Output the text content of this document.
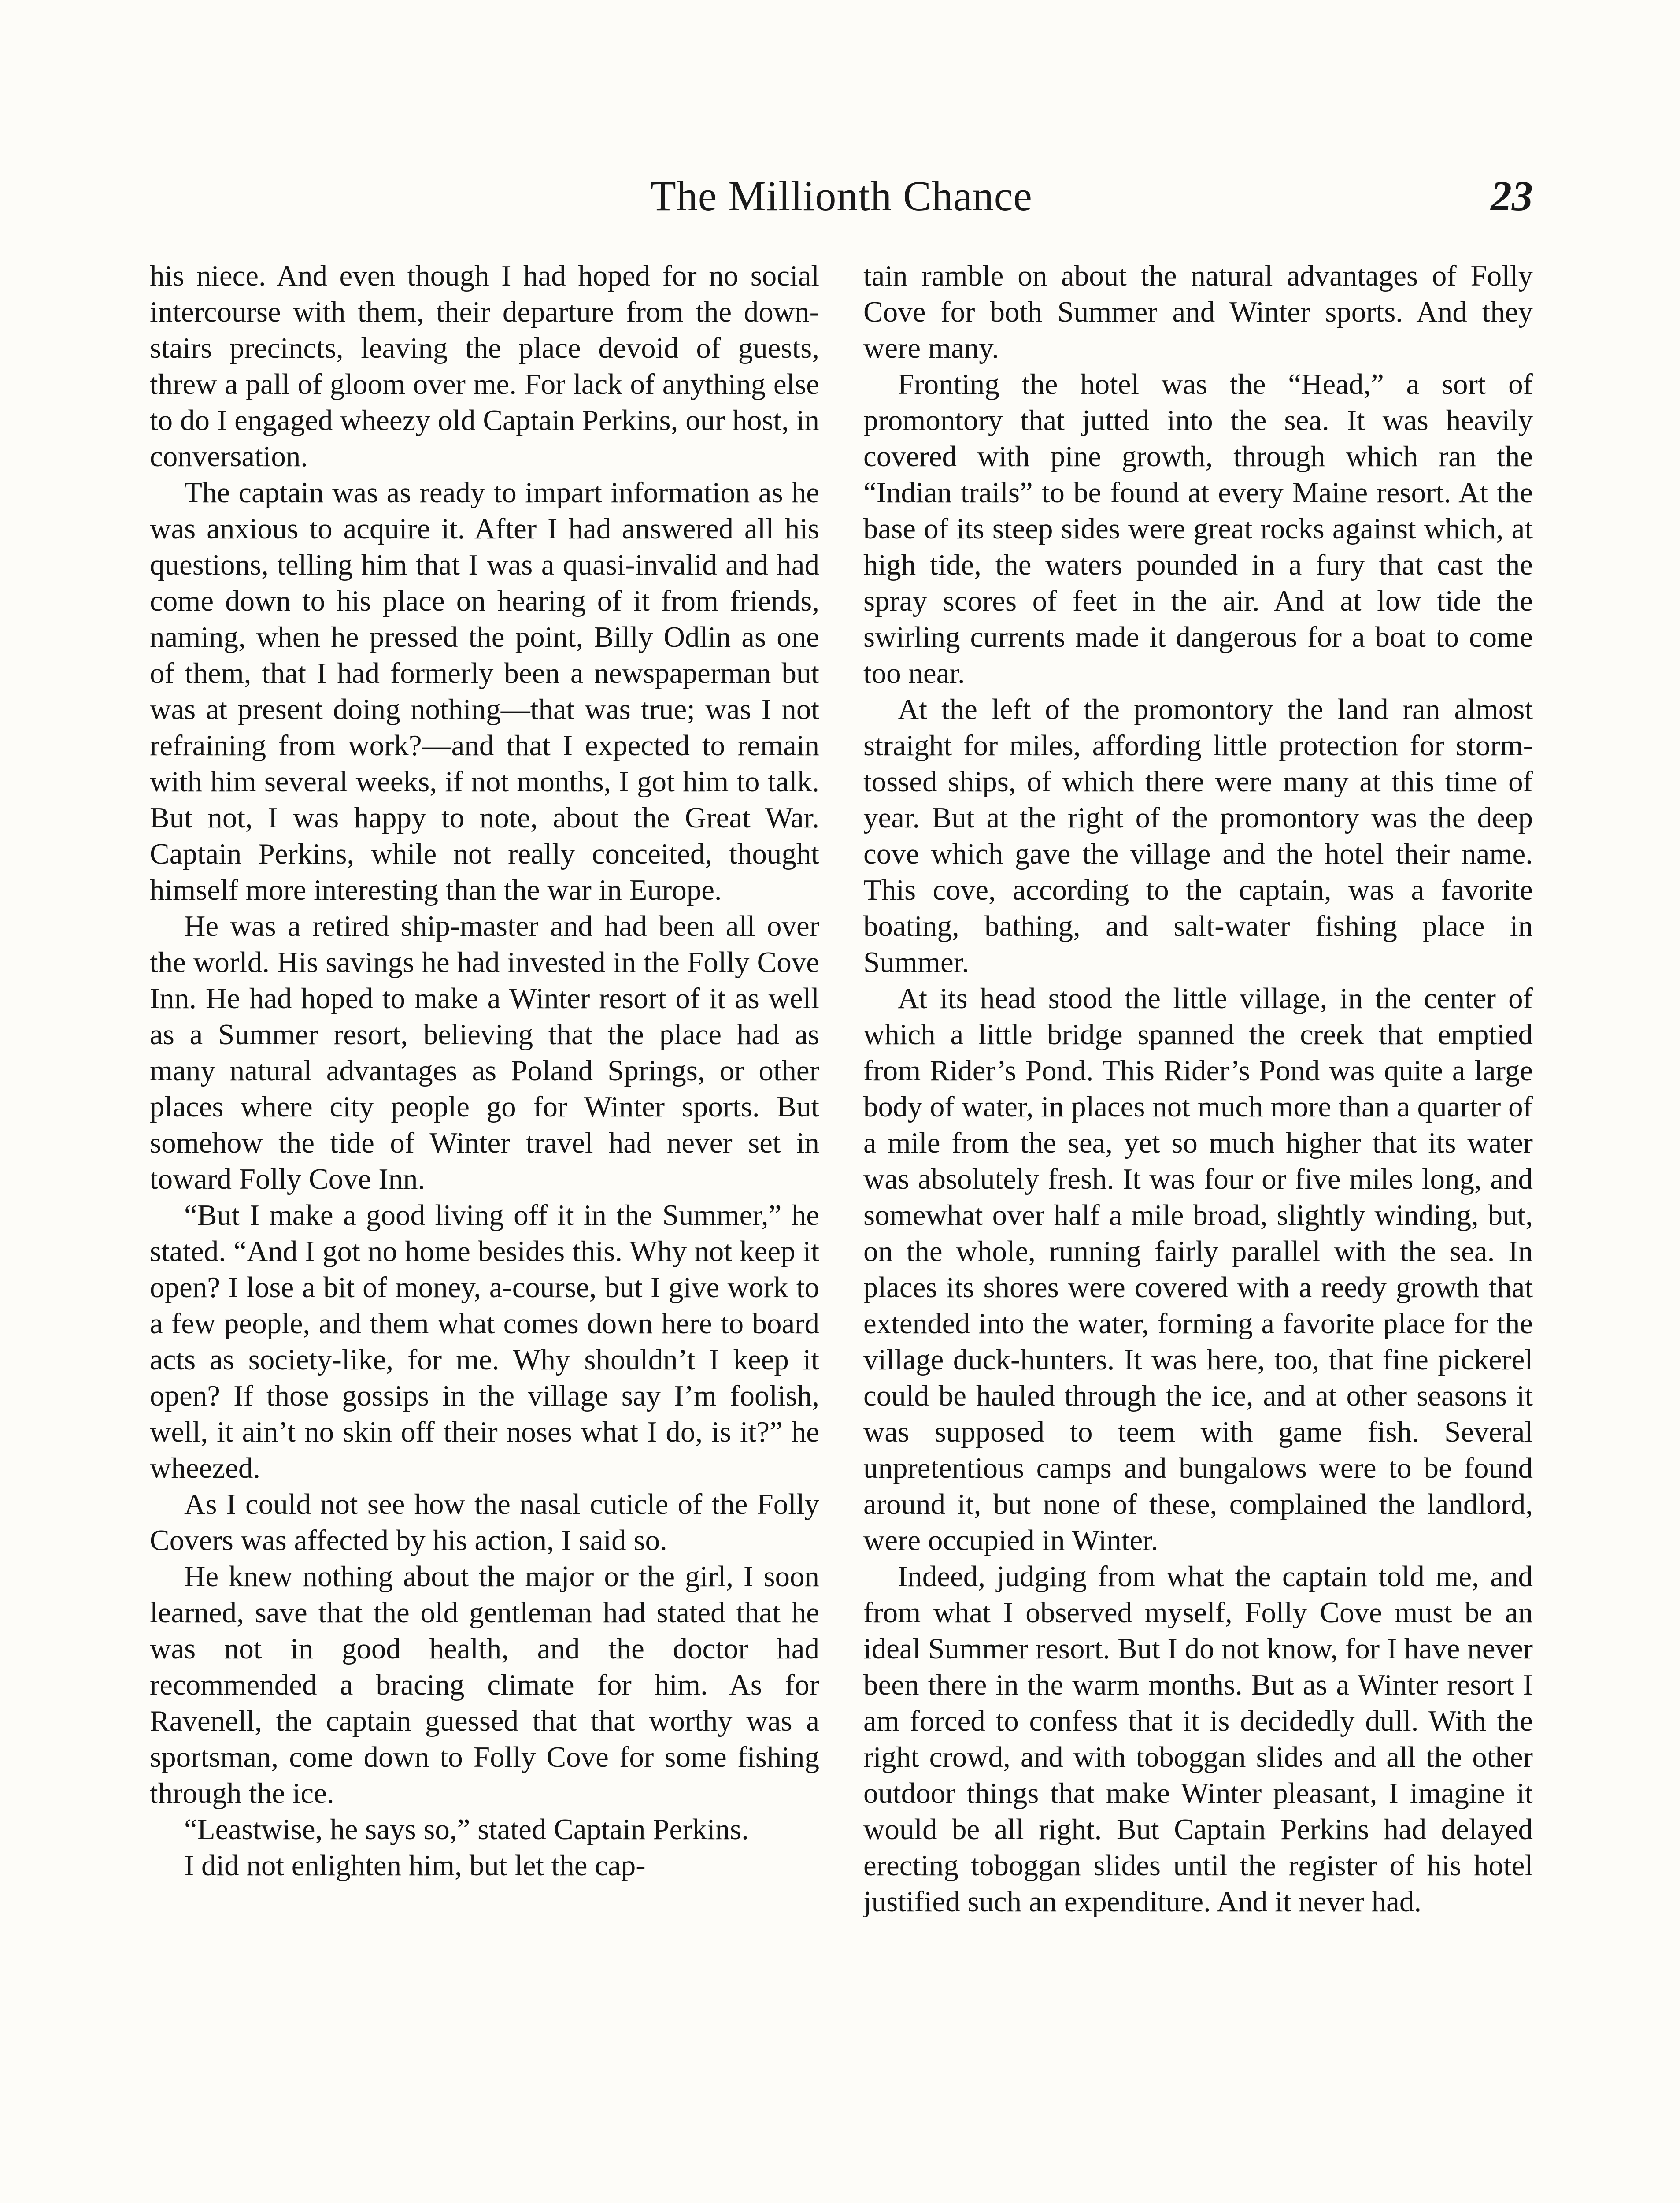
The Millionth Chance	23

his niece. And even though I had hoped for no social intercourse with them, their departure from the down-stairs precincts, leaving the place devoid of guests, threw a pall of gloom over me. For lack of anything else to do I engaged wheezy old Captain Perkins, our host, in conversation.

The captain was as ready to impart information as he was anxious to acquire it. After I had answered all his questions, telling him that I was a quasi-invalid and had come down to his place on hearing of it from friends, naming, when he pressed the point, Billy Odlin as one of them, that I had formerly been a newspaperman but was at present doing nothing—that was true; was I not refraining from work?—and that I expected to remain with him several weeks, if not months, I got him to talk. But not, I was happy to note, about the Great War. Captain Perkins, while not really conceited, thought himself more interesting than the war in Europe.

He was a retired ship-master and had been all over the world. His savings he had invested in the Folly Cove Inn. He had hoped to make a Winter resort of it as well as a Summer resort, believing that the place had as many natural advantages as Poland Springs, or other places where city people go for Winter sports. But somehow the tide of Winter travel had never set in toward Folly Cove Inn.

“But I make a good living off it in the Summer,” he stated. “And I got no home besides this. Why not keep it open? I lose a bit of money, a-course, but I give work to a few people, and them what comes down here to board acts as society-like, for me. Why shouldn’t I keep it open? If those gossips in the village say I’m foolish, well, it ain’t no skin off their noses what I do, is it?” he wheezed.

As I could not see how the nasal cuticle of the Folly Covers was affected by his action, I said so.

He knew nothing about the major or the girl, I soon learned, save that the old gentleman had stated that he was not in good health, and the doctor had recommended a bracing climate for him. As for Ravenell, the captain guessed that that worthy was a sportsman, come down to Folly Cove for some fishing through the ice.

“Leastwise, he says so,” stated Captain Perkins.

I did not enlighten him, but let the cap-

tain ramble on about the natural advantages of Folly Cove for both Summer and Winter sports. And they were many.

Fronting the hotel was the “Head,” a sort of promontory that jutted into the sea. It was heavily covered with pine growth, through which ran the “Indian trails” to be found at every Maine resort. At the base of its steep sides were great rocks against which, at high tide, the waters pounded in a fury that cast the spray scores of feet in the air. And at low tide the swirling currents made it dangerous for a boat to come too near.

At the left of the promontory the land ran almost straight for miles, affording little protection for storm-tossed ships, of which there were many at this time of year. But at the right of the promontory was the deep cove which gave the village and the hotel their name. This cove, according to the captain, was a favorite boating, bathing, and salt-water fishing place in Summer.

At its head stood the little village, in the center of which a little bridge spanned the creek that emptied from Rider’s Pond. This Rider’s Pond was quite a large body of water, in places not much more than a quarter of a mile from the sea, yet so much higher that its water was absolutely fresh. It was four or five miles long, and somewhat over half a mile broad, slightly winding, but, on the whole, running fairly parallel with the sea. In places its shores were covered with a reedy growth that extended into the water, forming a favorite place for the village duck-hunters. It was here, too, that fine pickerel could be hauled through the ice, and at other seasons it was supposed to teem with game fish. Several unpretentious camps and bungalows were to be found around it, but none of these, complained the landlord, were occupied in Winter.

Indeed, judging from what the captain told me, and from what I observed myself, Folly Cove must be an ideal Summer resort. But I do not know, for I have never been there in the warm months. But as a Winter resort I am forced to confess that it is decidedly dull. With the right crowd, and with toboggan slides and all the other outdoor things that make Winter pleasant, I imagine it would be all right. But Captain Perkins had delayed erecting toboggan slides until the register of his hotel justified such an expenditure. And it never had.
